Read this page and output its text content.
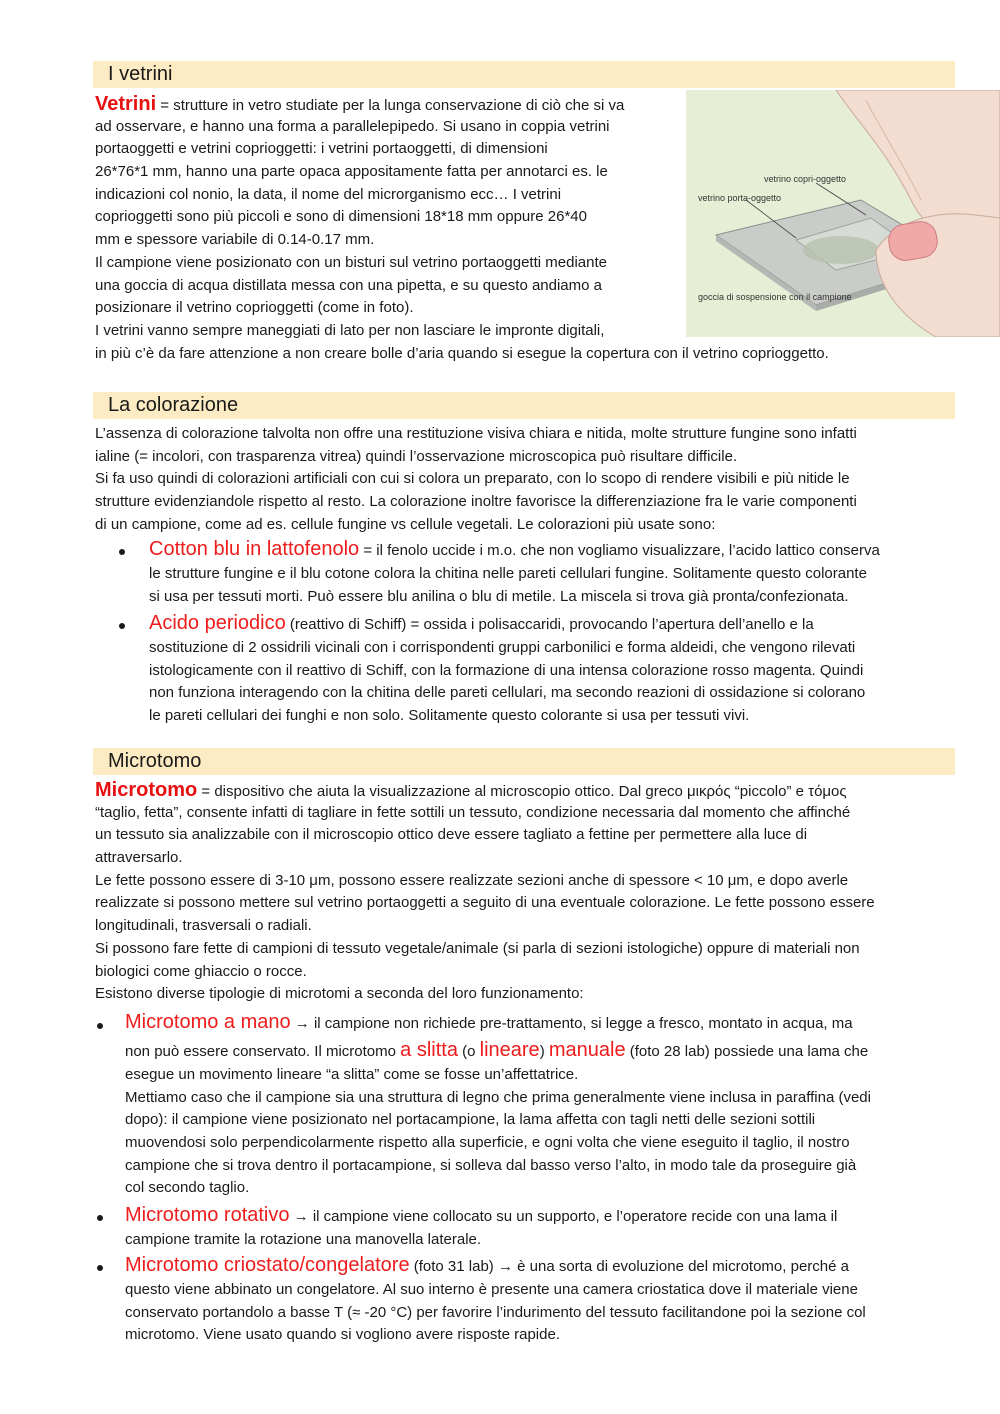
I vetrini
Vetrini = strutture in vetro studiate per la lunga conservazione di ciò che si va
ad osservare, e hanno una forma a parallelepipedo. Si usano in coppia vetrini
portaoggetti e vetrini coprioggetti: i vetrini portaoggetti, di dimensioni
26*76*1 mm, hanno una parte opaca appositamente fatta per annotarci es. le
indicazioni col nonio, la data, il nome del microrganismo ecc… I vetrini
coprioggetti sono più piccoli e sono di dimensioni 18*18 mm oppure 26*40
mm e spessore variabile di 0.14-0.17 mm.
Il campione viene posizionato con un bisturi sul vetrino portaoggetti mediante
una goccia di acqua distillata messa con una pipetta, e su questo andiamo a
posizionare il vetrino coprioggetti (come in foto).
I vetrini vanno sempre maneggiati di lato per non lasciare le impronte digitali,
in più c’è da fare attenzione a non creare bolle d’aria quando si esegue la copertura con il vetrino coprioggetto.
vetrino copri-oggetto
vetrino porta-oggetto
goccia di sospensione con il campione
La colorazione
L’assenza di colorazione talvolta non offre una restituzione visiva chiara e nitida, molte strutture fungine sono infatti
ialine (= incolori, con trasparenza vitrea) quindi l’osservazione microscopica può risultare difficile.
Si fa uso quindi di colorazioni artificiali con cui si colora un preparato, con lo scopo di rendere visibili e più nitide le
strutture evidenziandole rispetto al resto. La colorazione inoltre favorisce la differenziazione fra le varie componenti
di un campione, come ad es. cellule fungine vs cellule vegetali. Le colorazioni più usate sono:
Cotton blu in lattofenolo = il fenolo uccide i m.o. che non vogliamo visualizzare, l’acido lattico conserva
le strutture fungine e il blu cotone colora la chitina nelle pareti cellulari fungine. Solitamente questo colorante
si usa per tessuti morti. Può essere blu anilina o blu di metile. La miscela si trova già pronta/confezionata.
Acido periodico (reattivo di Schiff) = ossida i polisaccaridi, provocando l’apertura dell’anello e la
sostituzione di 2 ossidrili vicinali con i corrispondenti gruppi carbonilici e forma aldeidi, che vengono rilevati
istologicamente con il reattivo di Schiff, con la formazione di una intensa colorazione rosso magenta. Quindi
non funziona interagendo con la chitina delle pareti cellulari, ma secondo reazioni di ossidazione si colorano
le pareti cellulari dei funghi e non solo. Solitamente questo colorante si usa per tessuti vivi.
Microtomo
Microtomo = dispositivo che aiuta la visualizzazione al microscopio ottico. Dal greco μικρός “piccolo” e τόμος
“taglio, fetta”, consente infatti di tagliare in fette sottili un tessuto, condizione necessaria dal momento che affinché
un tessuto sia analizzabile con il microscopio ottico deve essere tagliato a fettine per permettere alla luce di
attraversarlo.
Le fette possono essere di 3-10 μm, possono essere realizzate sezioni anche di spessore < 10 μm, e dopo averle
realizzate si possono mettere sul vetrino portaoggetti a seguito di una eventuale colorazione. Le fette possono essere
longitudinali, trasversali o radiali.
Si possono fare fette di campioni di tessuto vegetale/animale (si parla di sezioni istologiche) oppure di materiali non
biologici come ghiaccio o rocce.
Esistono diverse tipologie di microtomi a seconda del loro funzionamento:
Microtomo a mano → il campione non richiede pre-trattamento, si legge a fresco, montato in acqua, ma
non può essere conservato. Il microtomo a slitta (o lineare) manuale (foto 28 lab) possiede una lama che
esegue un movimento lineare “a slitta” come se fosse un’affettatrice.
Mettiamo caso che il campione sia una struttura di legno che prima generalmente viene inclusa in paraffina (vedi
dopo): il campione viene posizionato nel portacampione, la lama affetta con tagli netti delle sezioni sottili
muovendosi solo perpendicolarmente rispetto alla superficie, e ogni volta che viene eseguito il taglio, il nostro
campione che si trova dentro il portacampione, si solleva dal basso verso l’alto, in modo tale da proseguire già
col secondo taglio.
Microtomo rotativo → il campione viene collocato su un supporto, e l’operatore recide con una lama il
campione tramite la rotazione una manovella laterale.
Microtomo criostato/congelatore (foto 31 lab) → è una sorta di evoluzione del microtomo, perché a
questo viene abbinato un congelatore. Al suo interno è presente una camera criostatica dove il materiale viene
conservato portandolo a basse T (≈ -20 °C) per favorire l’indurimento del tessuto facilitandone poi la sezione col
microtomo. Viene usato quando si vogliono avere risposte rapide.
